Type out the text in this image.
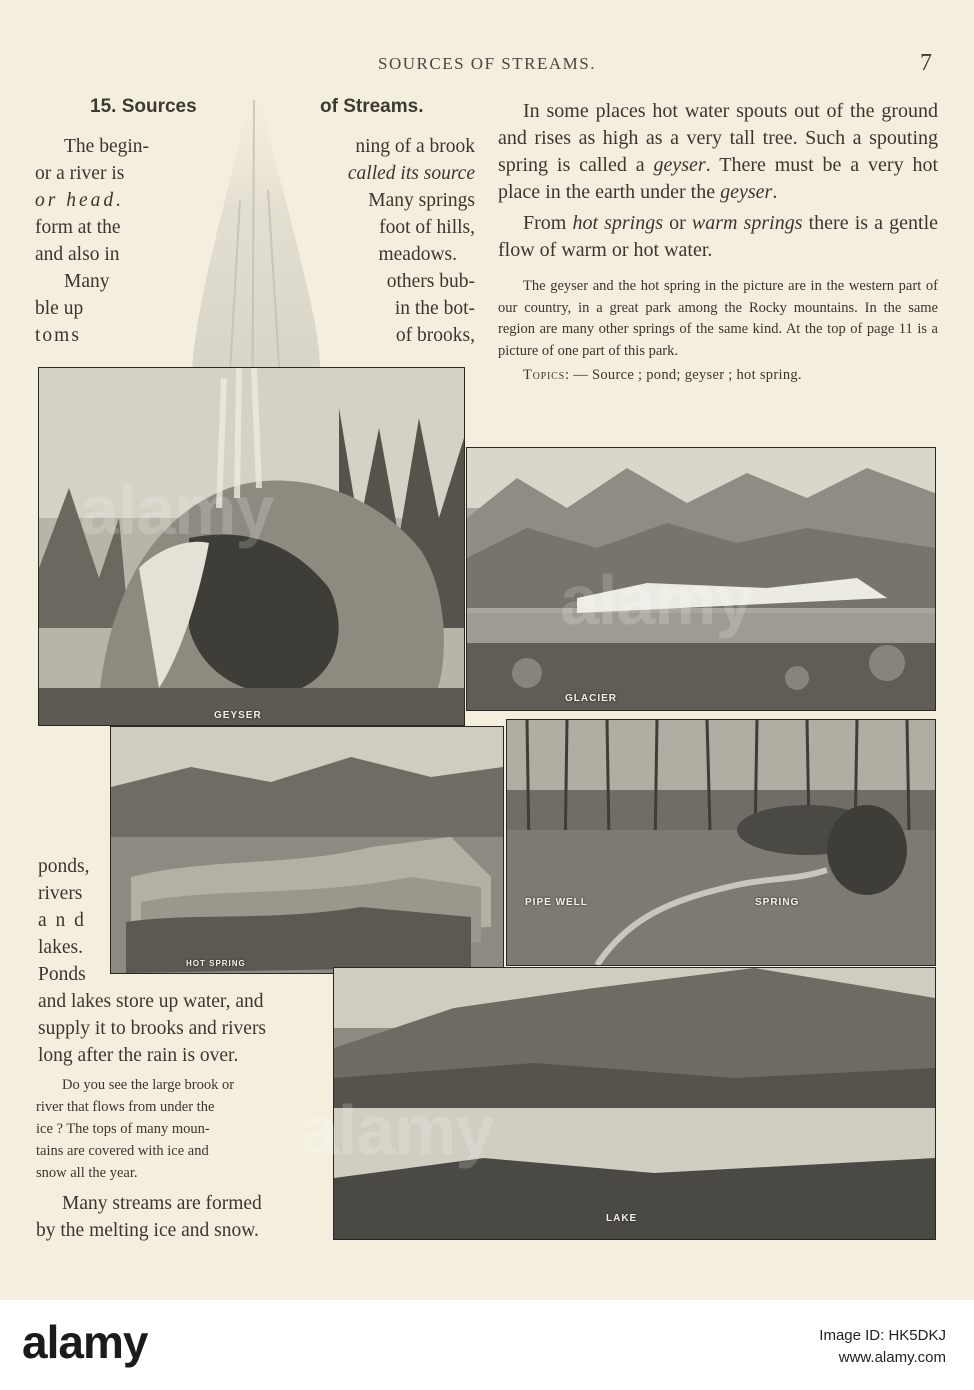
SOURCES OF STREAMS.	7
15. Sources	of Streams.
The begin-
or a river is
or head.
form at the
and also in
Many
ble up
toms
ning of a brook
called its source
Many springs
foot of hills,
meadows.
others bub-
in the bot-
of brooks,

In some places hot water spouts out of the ground and rises as high as a very tall tree. Such a spouting spring is called a geyser. There must be a very hot place in the earth under the geyser.

From hot springs or warm springs there is a gentle flow of warm or hot water.

The geyser and the hot spring in the picture are in the western part of our country, in a great park among the Rocky mountains. In the same region are many other springs of the same kind. At the top of page 11 is a picture of one part of this park.

Topics: — Source ; pond; geyser ; hot spring.

GEYSER
GLACIER
HOT SPRING
PIPE WELL	SPRING
LAKE
ponds,
rivers
a n d
lakes.
Ponds
and lakes store up water, and
supply it to brooks and rivers
long after the rain is over.
Do you see the large brook or
river that flows from under the
ice ? The tops of many moun-
tains are covered with ice and
snow all the year.
Many streams are formed
by the melting ice and snow.
alamy
alamy
alamy
alamy	Image ID: HK5DKJ
www.alamy.com
